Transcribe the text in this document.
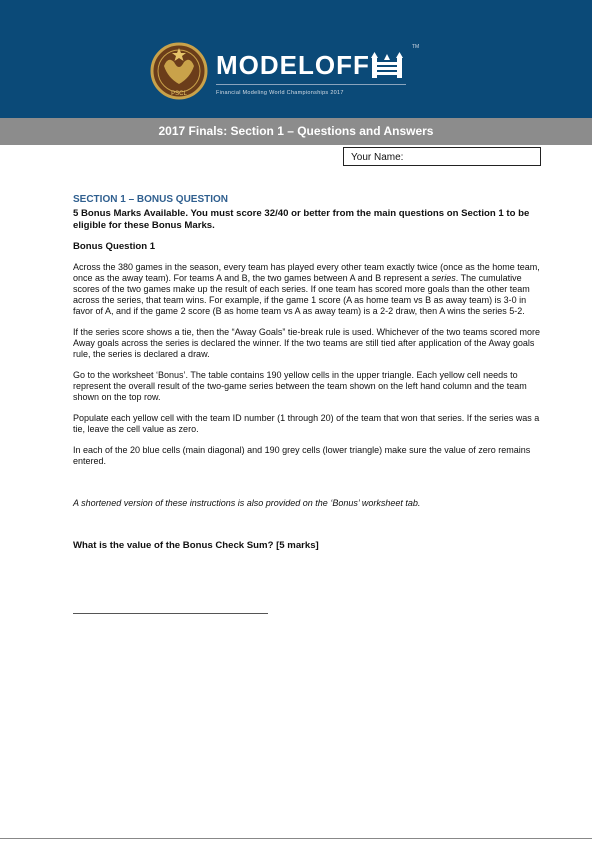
PSCL
MODELOFF
TM
Financial Modeling World Championships 2017
2017 Finals: Section 1 – Questions and Answers
Your Name:
SECTION 1 – BONUS QUESTION
5 Bonus Marks Available. You must score 32/40 or better from the main questions on Section 1 to be eligible for these Bonus Marks.
Bonus Question 1

Across the 380 games in the season, every team has played every other team exactly twice (once as the home team, once as the away team). For teams A and B, the two games between A and B represent a series. The cumulative scores of the two games make up the result of each series. If one team has scored more goals than the other team across the series, that team wins. For example, if the game 1 score (A as home team vs B as away team) is 3-0 in favor of A, and if the game 2 score (B as home team vs A as away team) is a 2-2 draw, then A wins the series 5-2.

If the series score shows a tie, then the “Away Goals” tie-break rule is used. Whichever of the two teams scored more Away goals across the series is declared the winner. If the two teams are still tied after application of the Away goals rule, the series is declared a draw.

Go to the worksheet ‘Bonus’. The table contains 190 yellow cells in the upper triangle. Each yellow cell needs to represent the overall result of the two-game series between the team shown on the left hand column and the team shown on the top row.

Populate each yellow cell with the team ID number (1 through 20) of the team that won that series. If the series was a tie, leave the cell value as zero.

In each of the 20 blue cells (main diagonal) and 190 grey cells (lower triangle) make sure the value of zero remains entered.

A shortened version of these instructions is also provided on the ‘Bonus’ worksheet tab.
What is the value of the Bonus Check Sum? [5 marks]
